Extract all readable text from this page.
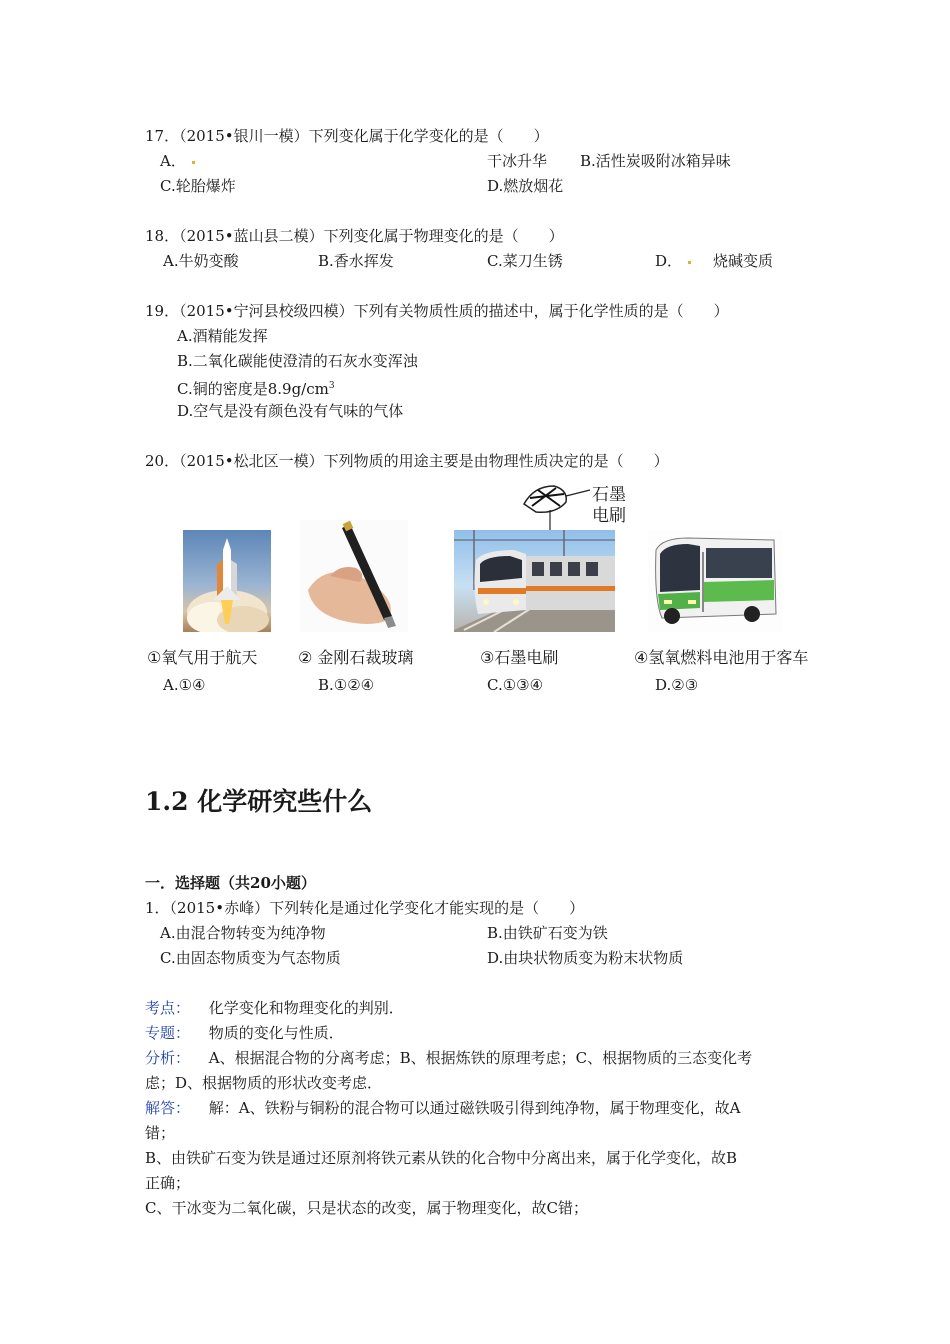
17．（2015•银川一模）下列变化属于化学变化的是（　　）
A．	干冰升华 B.活性炭吸附冰箱异味
C.轮胎爆炸	D.燃放烟花
18．（2015•蓝山县二模）下列变化属于物理变化的是（　　）
A.牛奶变酸	B.香水挥发	C.菜刀生锈	D．	烧碱变质
19．（2015•宁河县校级四模）下列有关物质性质的描述中，属于化学性质的是（　　）
A.酒精能发挥
B.二氧化碳能使澄清的石灰水变浑浊
C.铜的密度是$8.9g/cm^3$
D.空气是没有颜色没有气味的气体
20．（2015•松北区一模）下列物质的用途主要是由物理性质决定的是（　　）
石墨
电刷
①氧气用于航天	② 金刚石裁玻璃	③石墨电刷	④氢氧燃料电池用于客车
A.①④	B.①②④	C.①③④	D.②③
1.2 化学研究些什么
一．选择题（共20小题）
1．（2015•赤峰）下列转化是通过化学变化才能实现的是（　　）
A.由混合物转变为纯净物	B.由铁矿石变为铁
C.由固态物质变为气态物质	D.由块状物质变为粉末状物质
考点： 化学变化和物理变化的判别．
专题： 物质的变化与性质．
分析： A、根据混合物的分离考虑；B、根据炼铁的原理考虑；C、根据物质的三态变化考
虑；D、根据物质的形状改变考虑．
解答： 解：A、铁粉与铜粉的混合物可以通过磁铁吸引得到纯净物，属于物理变化，故A
错；
B、由铁矿石变为铁是通过还原剂将铁元素从铁的化合物中分离出来，属于化学变化，故B
正确；
C、干冰变为二氧化碳，只是状态的改变，属于物理变化，故C错；
